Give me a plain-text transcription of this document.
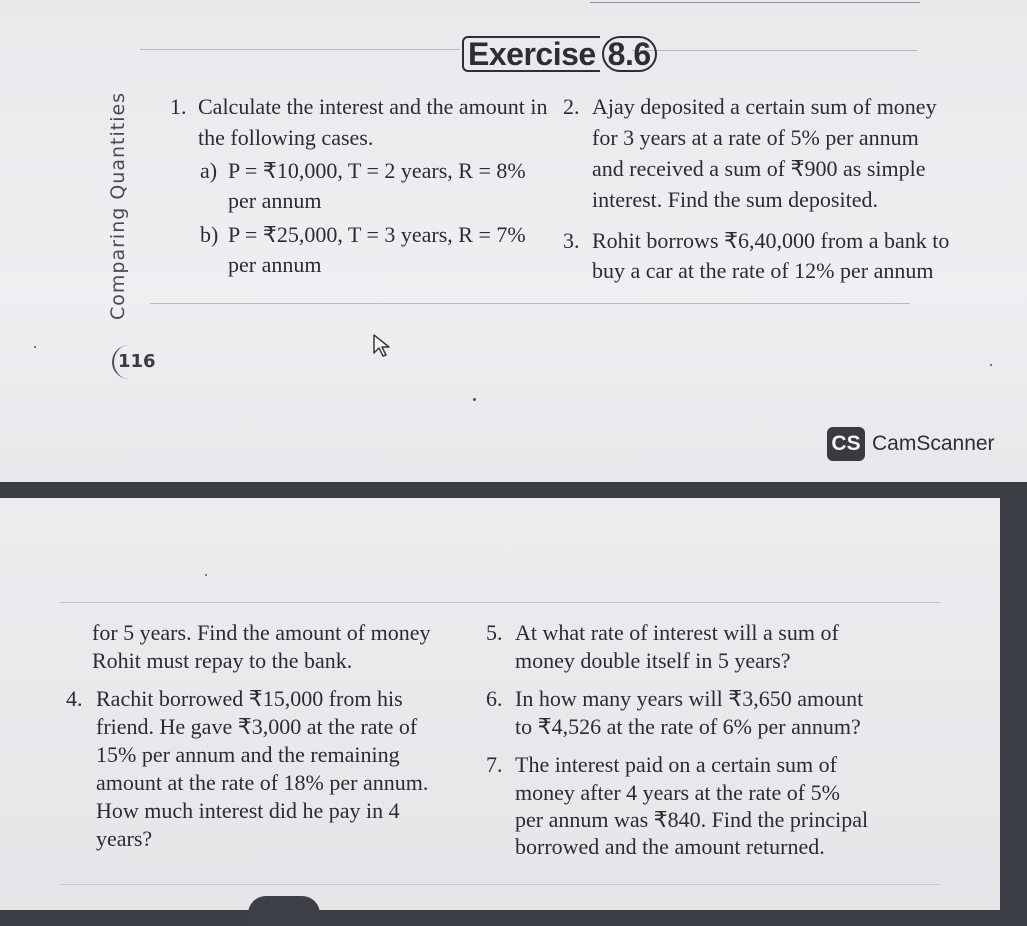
Exercise 8.6
Comparing Quantities 1. Calculate the interest and the amount in
the following cases.
a) P = ₹10,000, T = 2 years, R = 8%
per annum
b) P = ₹25,000, T = 3 years, R = 7%
per annum
2. Ajay deposited a certain sum of money
for 3 years at a rate of 5% per annum
and received a sum of ₹900 as simple
interest. Find the sum deposited.
3. Rohit borrows ₹6,40,000 from a bank to
buy a car at the rate of 12% per annum
116
CS CamScanner
for 5 years. Find the amount of money
Rohit must repay to the bank.
4. Rachit borrowed ₹15,000 from his
friend. He gave ₹3,000 at the rate of
15% per annum and the remaining
amount at the rate of 18% per annum.
How much interest did he pay in 4
years?
5. At what rate of interest will a sum of
money double itself in 5 years?
6. In how many years will ₹3,650 amount
to ₹4,526 at the rate of 6% per annum?
7. The interest paid on a certain sum of
money after 4 years at the rate of 5%
per annum was ₹840. Find the principal
borrowed and the amount returned.
